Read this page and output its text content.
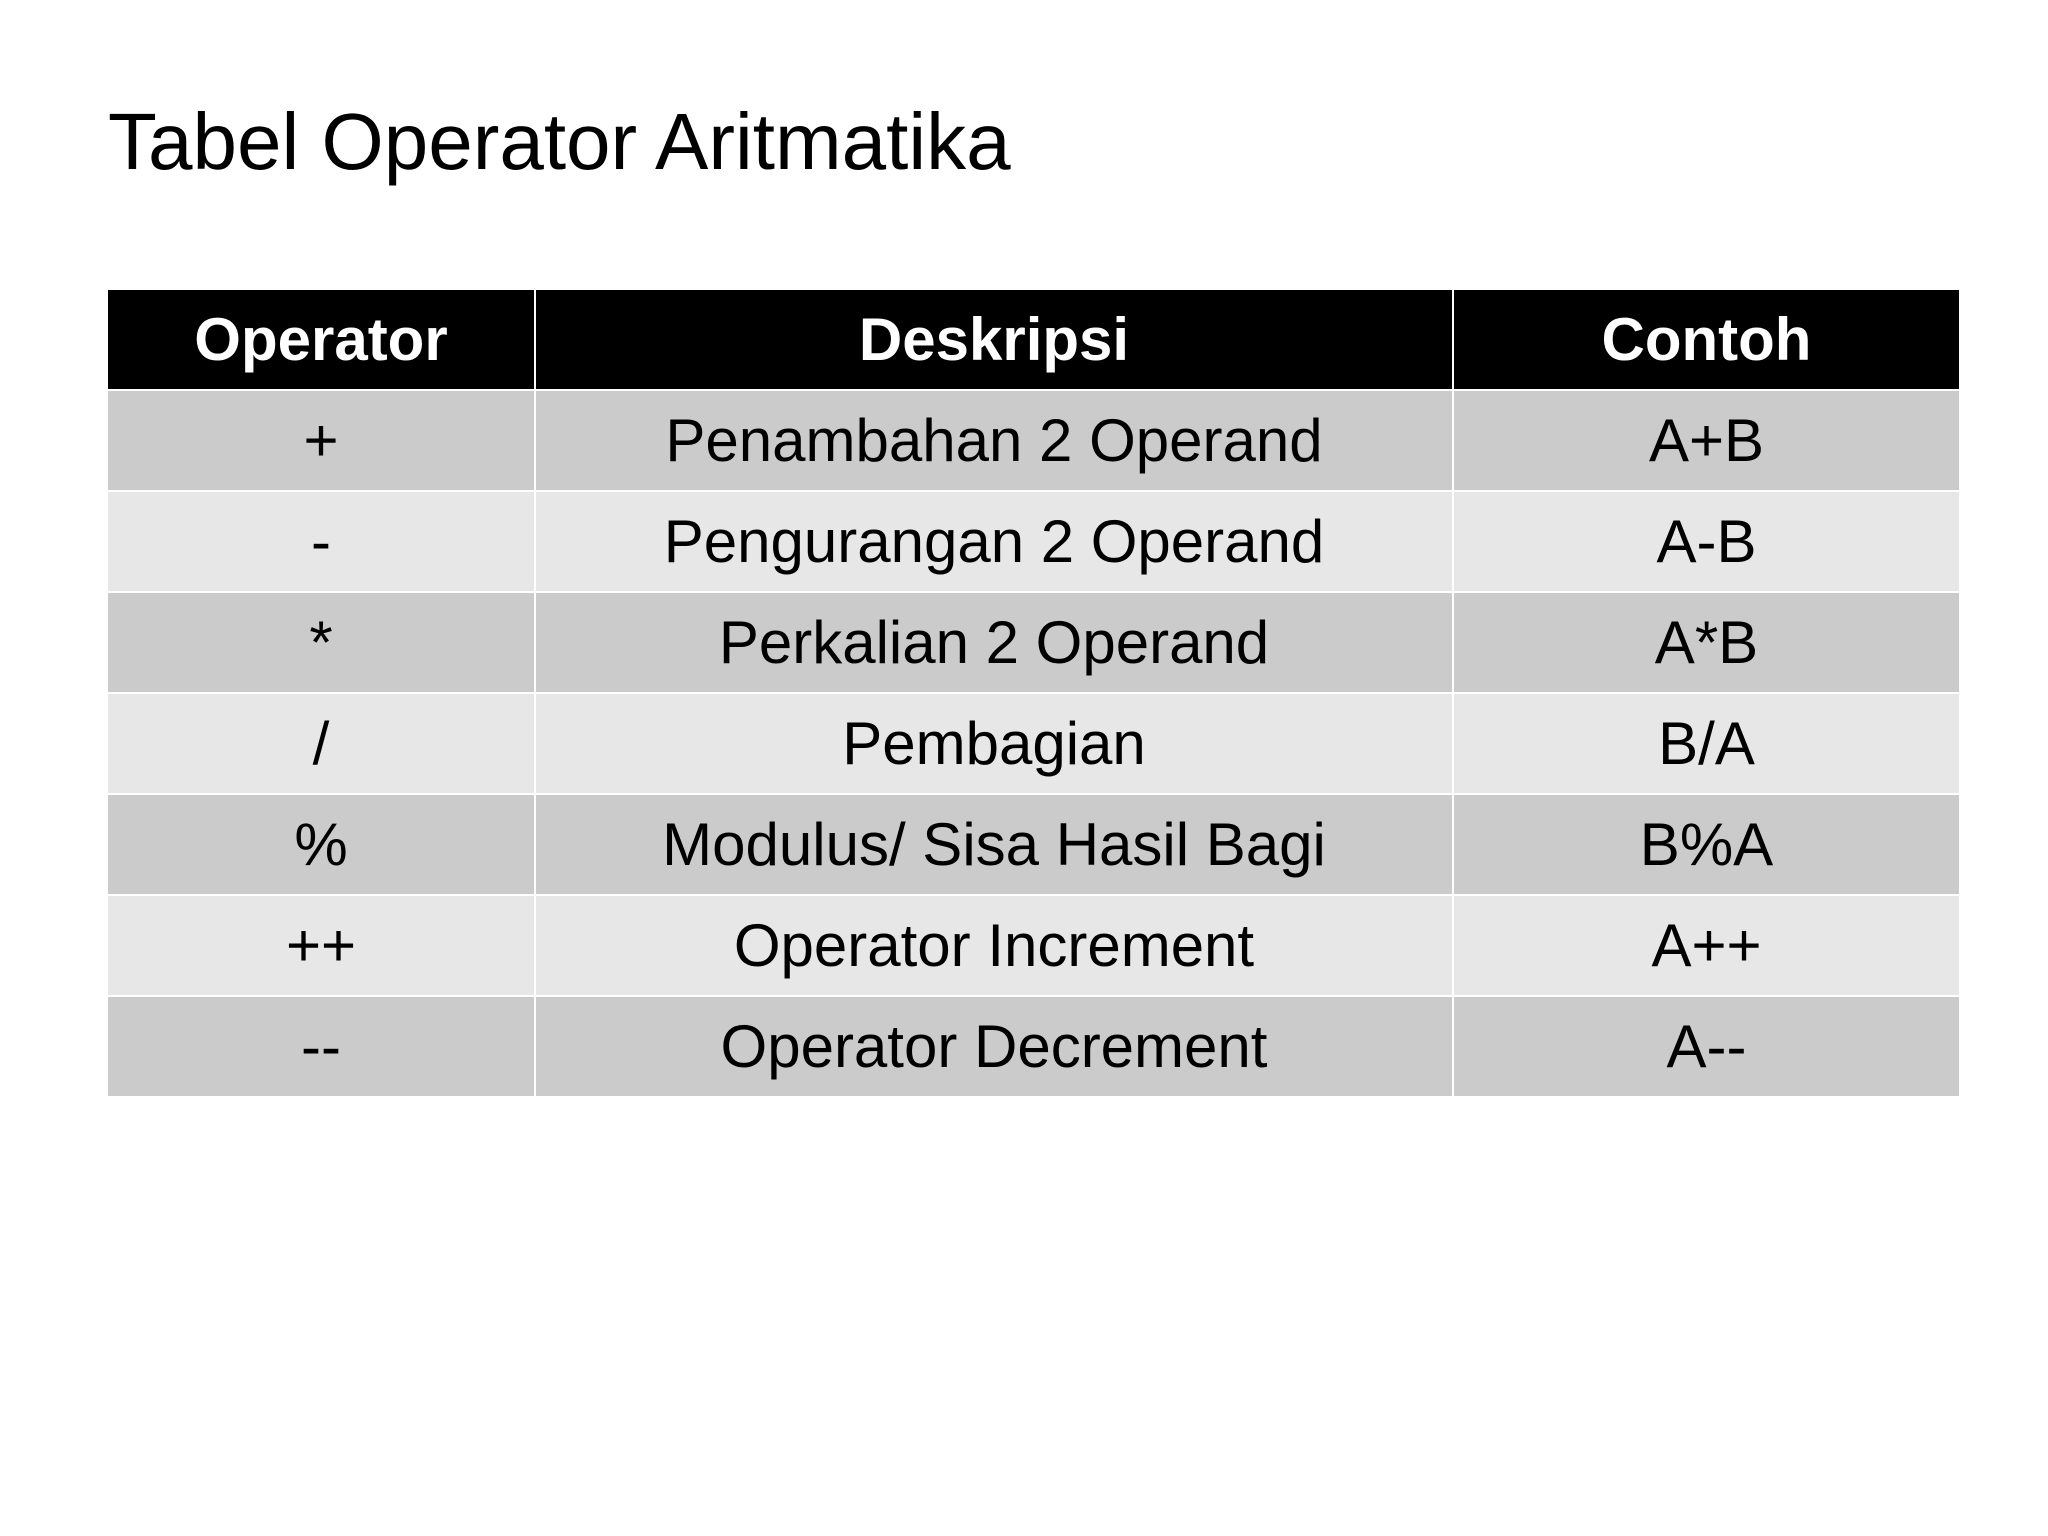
Tabel Operator Aritmatika
Operator	Deskripsi	Contoh
+	Penambahan 2 Operand	A+B
-	Pengurangan 2 Operand	A-B
*	Perkalian 2 Operand	A*B
/	Pembagian	B/A
%	Modulus/ Sisa Hasil Bagi	B%A
++	Operator Increment	A++
--	Operator Decrement	A--
